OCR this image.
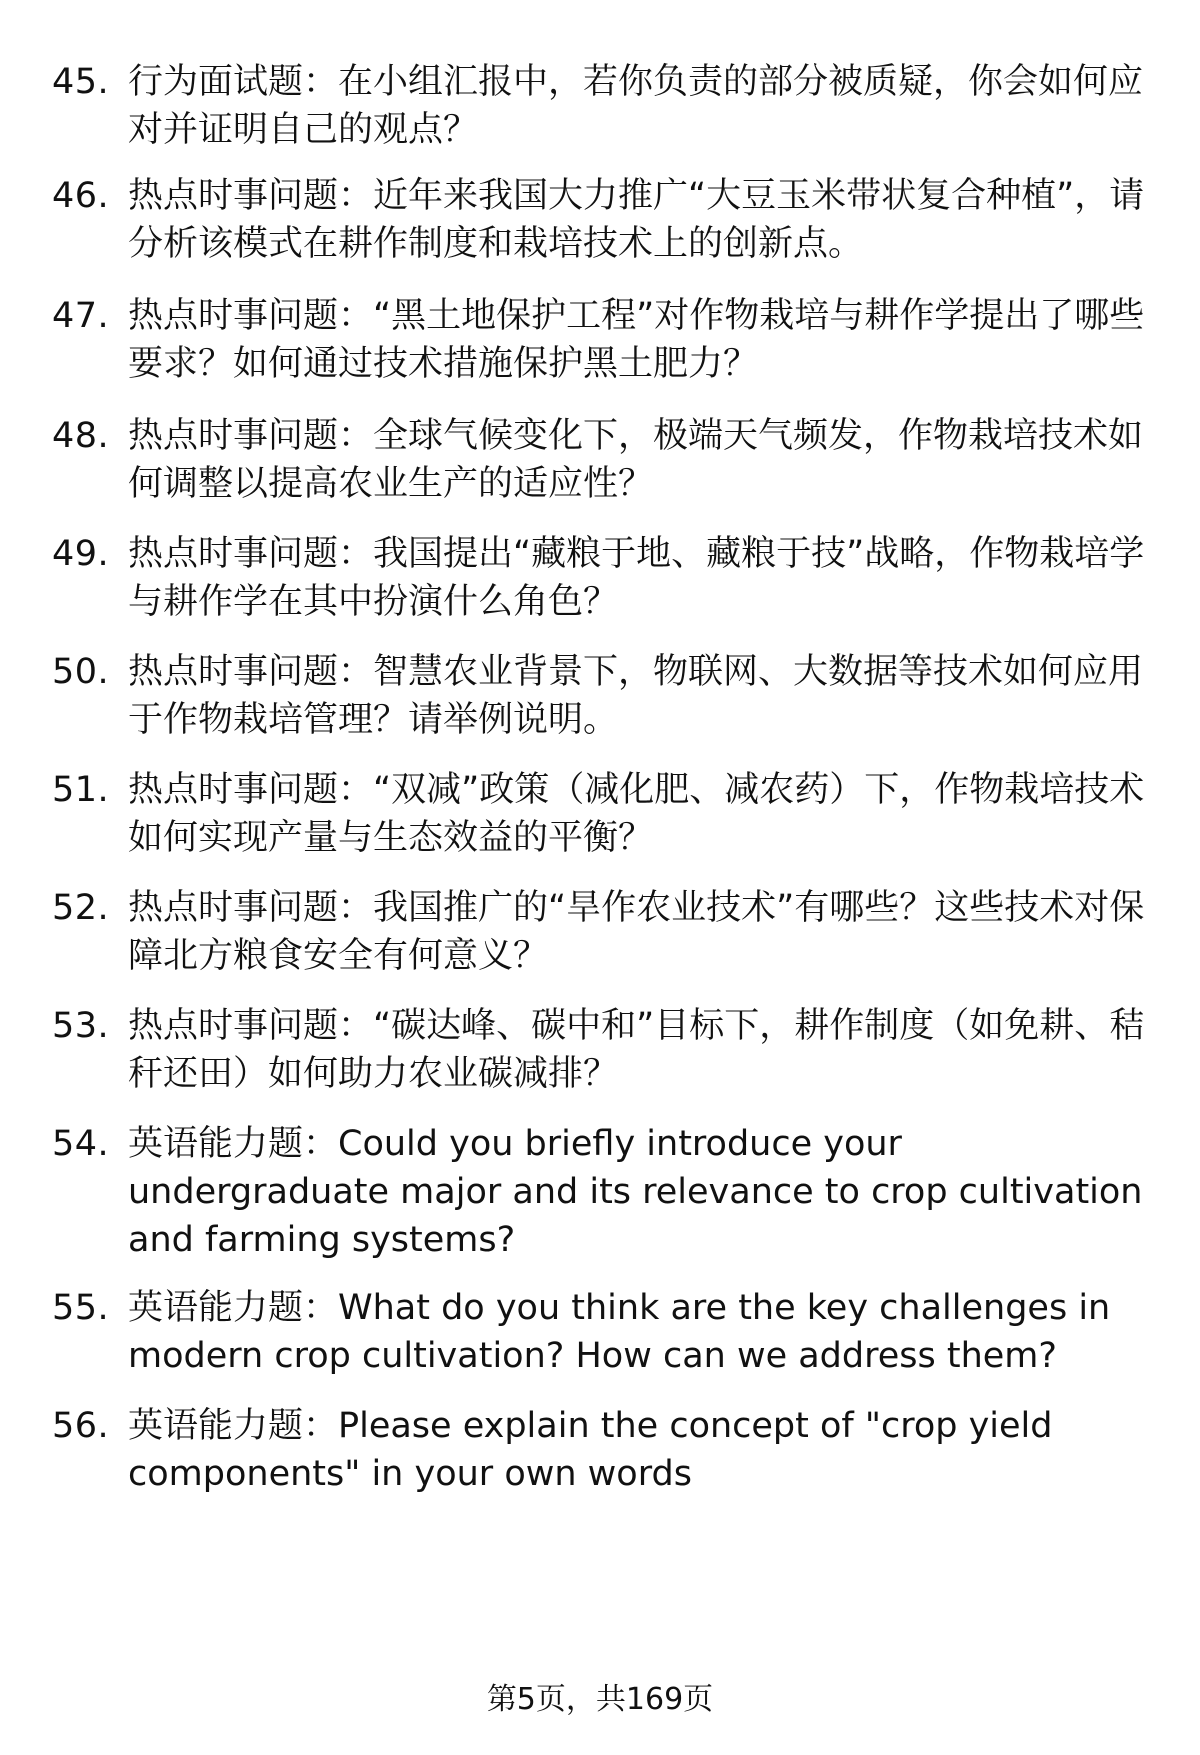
45. 行为面试题：在小组汇报中，若你负责的部分被质疑，你会如何应对并证明自己的观点？
46. 热点时事问题：近年来我国大力推广“大豆玉米带状复合种植”，请分析该模式在耕作制度和栽培技术上的创新点。
47. 热点时事问题：“黑土地保护工程”对作物栽培与耕作学提出了哪些要求？如何通过技术措施保护黑土肥力？
48. 热点时事问题：全球气候变化下，极端天气频发，作物栽培技术如何调整以提高农业生产的适应性？
49. 热点时事问题：我国提出“藏粮于地、藏粮于技”战略，作物栽培学与耕作学在其中扮演什么角色？
50. 热点时事问题：智慧农业背景下，物联网、大数据等技术如何应用于作物栽培管理？请举例说明。
51. 热点时事问题：“双减”政策（减化肥、减农药）下，作物栽培技术如何实现产量与生态效益的平衡？
52. 热点时事问题：我国推广的“旱作农业技术”有哪些？这些技术对保障北方粮食安全有何意义？
53. 热点时事问题：“碳达峰、碳中和”目标下，耕作制度（如免耕、秸秆还田）如何助力农业碳减排？
54. 英语能力题：Could you briefly introduce your undergraduate major and its relevance to crop cultivation and farming systems?
55. 英语能力题：What do you think are the key challenges in modern crop cultivation? How can we address them?
56. 英语能力题：Please explain the concept of "crop yield components" in your own words
第5页，共169页
